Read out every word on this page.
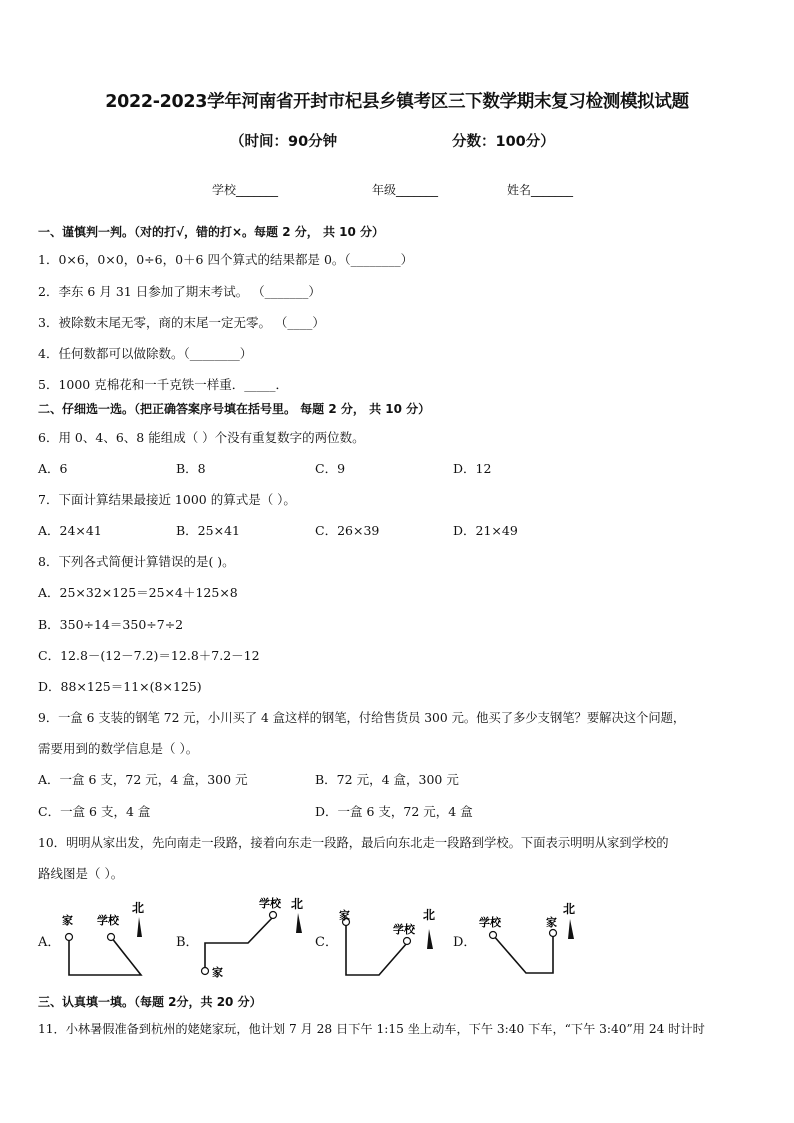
2022-2023学年河南省开封市杞县乡镇考区三下数学期末复习检测模拟试题
（时间：90分钟	分数：100分）
学校_______	年级_______	姓名_______
一、谨慎判一判。（对的打√，错的打×。每题 2 分， 共 10 分）
1．0×6，0×0，0÷6，0＋6 四个算式的结果都是 0。（________）
2．李东 6 月 31 日参加了期末考试。 （_______）
3．被除数末尾无零，商的末尾一定无零。 （____）
4．任何数都可以做除数。（________）
5．1000 克棉花和一千克铁一样重．_____．
二、仔细选一选。（把正确答案序号填在括号里。 每题 2 分， 共 10 分）
6．用 0、4、6、8 能组成（ ）个没有重复数字的两位数。
A．6	B．8	C．9	D．12
7．下面计算结果最接近 1000 的算式是（ ）。
A．24×41	B．25×41	C．26×39	D．21×49
8．下列各式简便计算错误的是( )。
A．25×32×125＝25×4＋125×8
B．350÷14＝350÷7÷2
C．12.8－(12－7.2)＝12.8＋7.2－12
D．88×125＝11×(8×125)
9．一盒 6 支装的钢笔 72 元，小川买了 4 盒这样的钢笔，付给售货员 300 元。他买了多少支钢笔？要解决这个问题，
需要用到的数学信息是（ ）。
A．一盒 6 支，72 元，4 盒，300 元	B．72 元，4 盒，300 元
C．一盒 6 支，4 盒	D．一盒 6 支，72 元，4 盒
10．明明从家出发，先向南走一段路，接着向东走一段路，最后向东北走一段路到学校。下面表示明明从家到学校的
路线图是（ ）。
A．
家 学校
北
B．
家
学校 北
C．
家
学校
北
D．
学校	家
北
三、认真填一填。（每题 2分，共 20 分）
11．小林暑假准备到杭州的姥姥家玩，他计划 7 月 28 日下午 1:15 坐上动车，下午 3:40 下车，“下午 3:40”用 24 时计时
